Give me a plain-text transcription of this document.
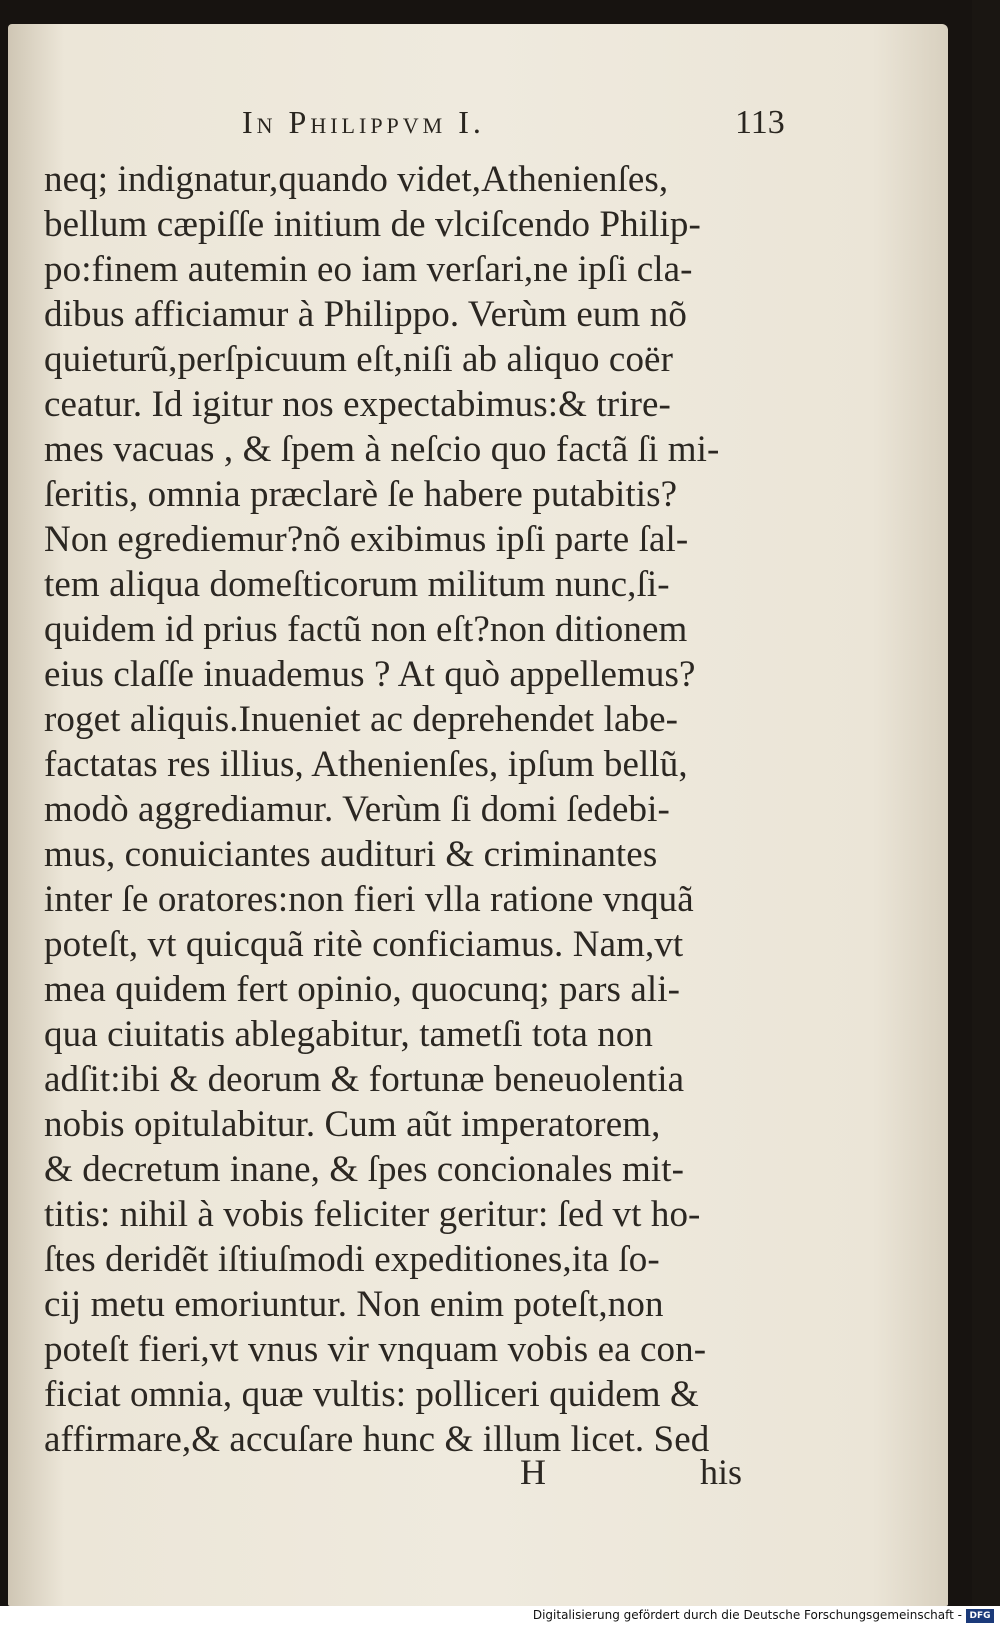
In Philippvm I.	113
neq; indignatur,quando videt,Athenienſes,
bellum cæpiſſe initium de vlciſcendo Philip-
po:finem autemin eo iam verſari,ne ipſi cla-
dibus afficiamur à Philippo. Verùm eum nõ
quieturũ,perſpicuum eſt,niſi ab aliquo coër
ceatur. Id igitur nos expectabimus:& trire-
mes vacuas , & ſpem à neſcio quo factã ſi mi-
ſeritis, omnia præclarè ſe habere putabitis?
Non egrediemur?nõ exibimus ipſi parte ſal-
tem aliqua domeſticorum militum nunc,ſi-
quidem id prius factũ non eſt?non ditionem
eius claſſe inuademus ? At quò appellemus?
roget aliquis.Inueniet ac deprehendet labe-
factatas res illius, Athenienſes, ipſum bellũ,
modò aggrediamur. Verùm ſi domi ſedebi-
mus, conuiciantes audituri & criminantes
inter ſe oratores:non fieri vlla ratione vnquã
poteſt, vt quicquã ritè conficiamus. Nam,vt
mea quidem fert opinio, quocunq; pars ali-
qua ciuitatis ablegabitur, tametſi tota non
adſit:ibi & deorum & fortunæ beneuolentia
nobis opitulabitur. Cum aũt imperatorem,
& decretum inane, & ſpes concionales mit-
titis: nihil à vobis feliciter geritur: ſed vt ho-
ſtes deridẽt iſtiuſmodi expeditiones,ita ſo-
cij metu emoriuntur. Non enim poteſt,non
poteſt fieri,vt vnus vir vnquam vobis ea con-
ficiat omnia, quæ vultis: polliceri quidem &
affirmare,& accuſare hunc & illum licet. Sed
H	his
Digitalisierung gefördert durch die Deutsche Forschungsgemeinschaft - DFG
